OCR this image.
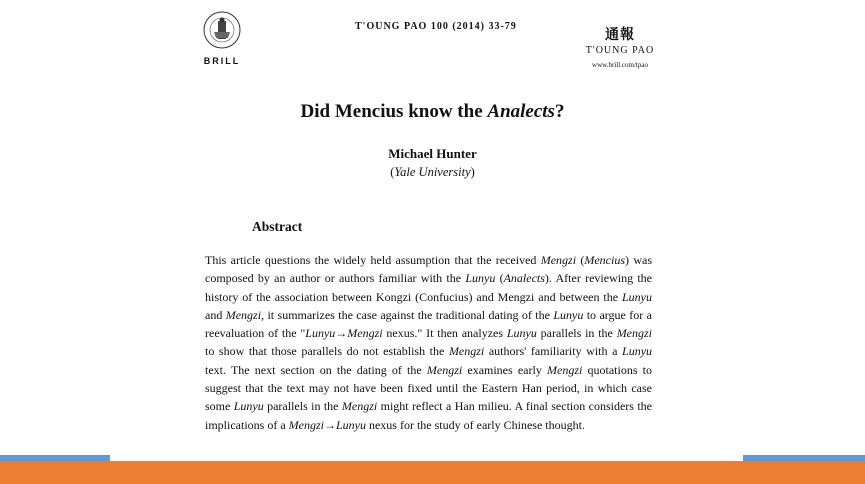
BRILL
T'OUNG PAO 100 (2014) 33-79
通報
T'OUNG PAO
www.brill.com/tpao
Did Mencius know the Analects?
Michael Hunter
(Yale University)
Abstract
This article questions the widely held assumption that the received Mengzi (Mencius) was composed by an author or authors familiar with the Lunyu (Analects). After reviewing the history of the association between Kongzi (Confucius) and Mengzi and between the Lunyu and Mengzi, it summarizes the case against the traditional dating of the Lunyu to argue for a reevaluation of the "Lunyu→Mengzi nexus." It then analyzes Lunyu parallels in the Mengzi to show that those parallels do not establish the Mengzi authors' familiarity with a Lunyu text. The next section on the dating of the Mengzi examines early Mengzi quotations to suggest that the text may not have been fixed until the Eastern Han period, in which case some Lunyu parallels in the Mengzi might reflect a Han milieu. A final section considers the implications of a Mengzi→Lunyu nexus for the study of early Chinese thought.
